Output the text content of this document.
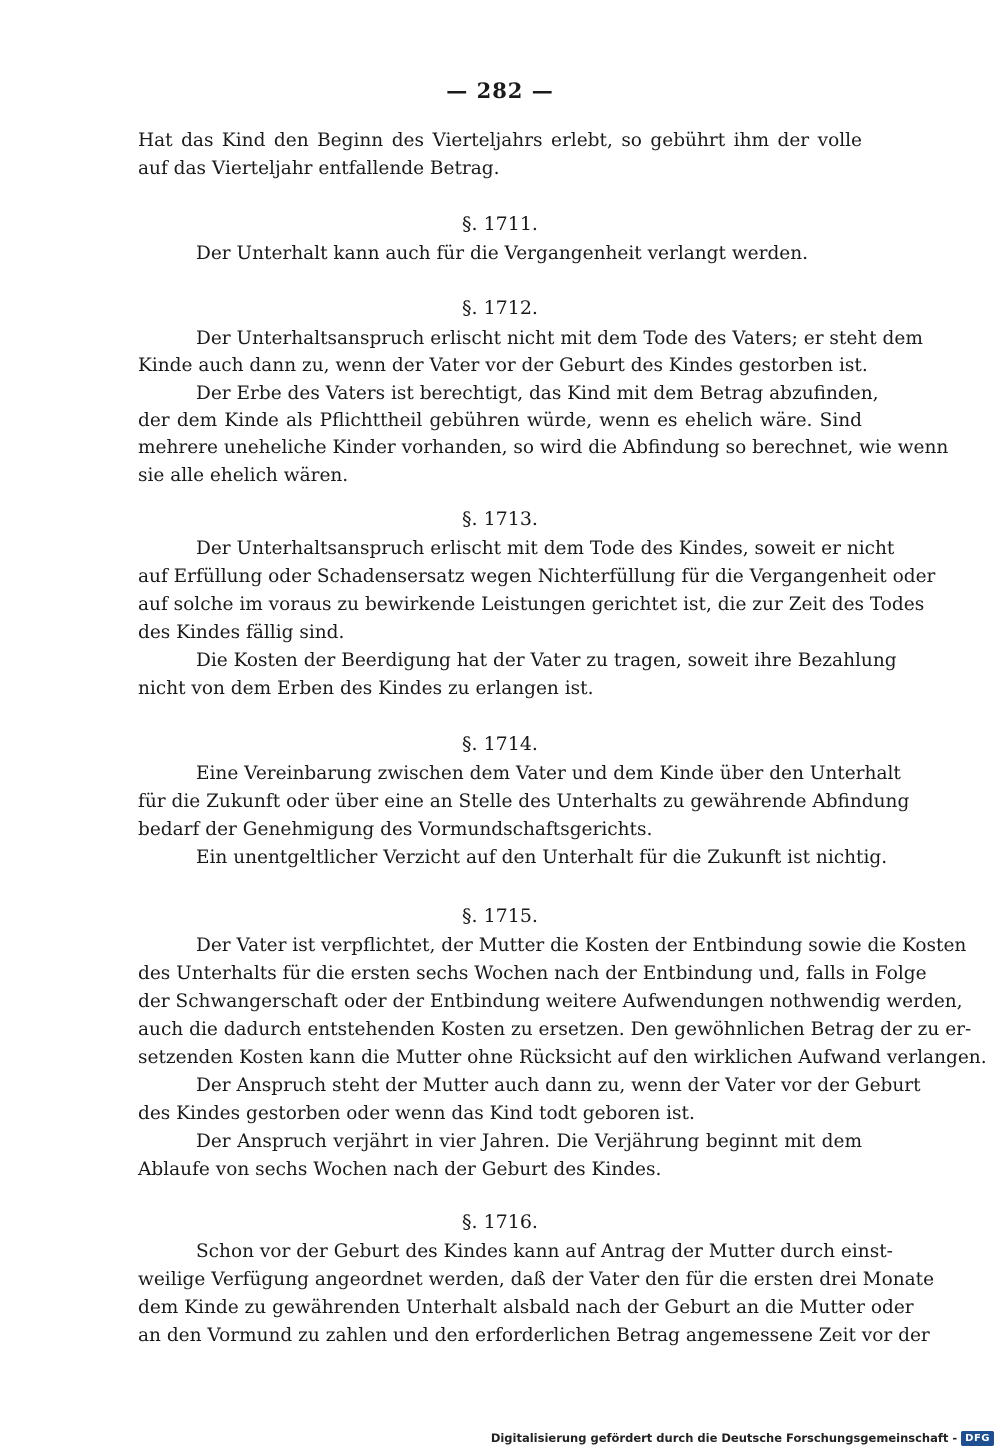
— 282 —
Hat das Kind den Beginn des Vierteljahrs erlebt, so gebührt ihm der volle
auf das Vierteljahr entfallende Betrag.
§. 1711.
Der Unterhalt kann auch für die Vergangenheit verlangt werden.
§. 1712.
Der Unterhaltsanspruch erlischt nicht mit dem Tode des Vaters; er steht dem
Kinde auch dann zu, wenn der Vater vor der Geburt des Kindes gestorben ist.
Der Erbe des Vaters ist berechtigt, das Kind mit dem Betrag abzufinden,
der dem Kinde als Pflichttheil gebühren würde, wenn es ehelich wäre. Sind
mehrere uneheliche Kinder vorhanden, so wird die Abfindung so berechnet, wie wenn
sie alle ehelich wären.
§. 1713.
Der Unterhaltsanspruch erlischt mit dem Tode des Kindes, soweit er nicht
auf Erfüllung oder Schadensersatz wegen Nichterfüllung für die Vergangenheit oder
auf solche im voraus zu bewirkende Leistungen gerichtet ist, die zur Zeit des Todes
des Kindes fällig sind.
Die Kosten der Beerdigung hat der Vater zu tragen, soweit ihre Bezahlung
nicht von dem Erben des Kindes zu erlangen ist.
§. 1714.
Eine Vereinbarung zwischen dem Vater und dem Kinde über den Unterhalt
für die Zukunft oder über eine an Stelle des Unterhalts zu gewährende Abfindung
bedarf der Genehmigung des Vormundschaftsgerichts.
Ein unentgeltlicher Verzicht auf den Unterhalt für die Zukunft ist nichtig.
§. 1715.
Der Vater ist verpflichtet, der Mutter die Kosten der Entbindung sowie die Kosten
des Unterhalts für die ersten sechs Wochen nach der Entbindung und, falls in Folge
der Schwangerschaft oder der Entbindung weitere Aufwendungen nothwendig werden,
auch die dadurch entstehenden Kosten zu ersetzen. Den gewöhnlichen Betrag der zu er-
setzenden Kosten kann die Mutter ohne Rücksicht auf den wirklichen Aufwand verlangen.
Der Anspruch steht der Mutter auch dann zu, wenn der Vater vor der Geburt
des Kindes gestorben oder wenn das Kind todt geboren ist.
Der Anspruch verjährt in vier Jahren. Die Verjährung beginnt mit dem
Ablaufe von sechs Wochen nach der Geburt des Kindes.
§. 1716.
Schon vor der Geburt des Kindes kann auf Antrag der Mutter durch einst-
weilige Verfügung angeordnet werden, daß der Vater den für die ersten drei Monate
dem Kinde zu gewährenden Unterhalt alsbald nach der Geburt an die Mutter oder
an den Vormund zu zahlen und den erforderlichen Betrag angemessene Zeit vor der
Digitalisierung gefördert durch die Deutsche Forschungsgemeinschaft - DFG
